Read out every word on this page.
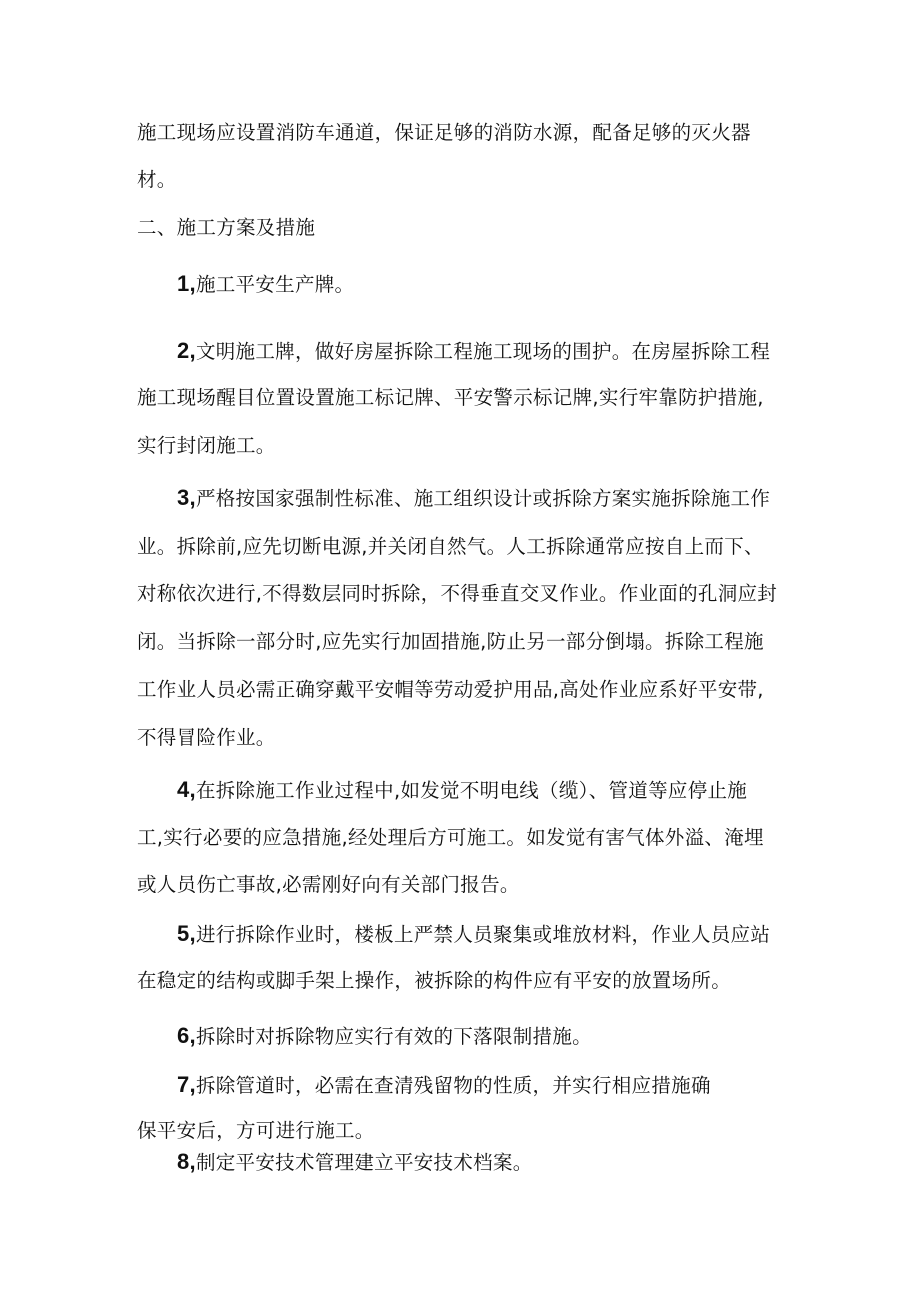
施工现场应设置消防车通道，保证足够的消防水源，配备足够的灭火器
材。
二、施工方案及措施
1,施工平安生产牌。
2,文明施工牌，做好房屋拆除工程施工现场的围护。在房屋拆除工程
施工现场醒目位置设置施工标记牌、平安警示标记牌,实行牢靠防护措施,
实行封闭施工。
3,严格按国家强制性标准、施工组织设计或拆除方案实施拆除施工作
业。拆除前,应先切断电源,并关闭自然气。人工拆除通常应按自上而下、
对称依次进行,不得数层同时拆除，不得垂直交叉作业。作业面的孔洞应封
闭。当拆除一部分时,应先实行加固措施,防止另一部分倒塌。拆除工程施
工作业人员必需正确穿戴平安帽等劳动爱护用品,高处作业应系好平安带,
不得冒险作业。
4,在拆除施工作业过程中,如发觉不明电线（缆）、管道等应停止施
工,实行必要的应急措施,经处理后方可施工。如发觉有害气体外溢、淹埋
或人员伤亡事故,必需刚好向有关部门报告。
5,进行拆除作业时，楼板上严禁人员聚集或堆放材料，作业人员应站
在稳定的结构或脚手架上操作，被拆除的构件应有平安的放置场所。
6,拆除时对拆除物应实行有效的下落限制措施。
7,拆除管道时，必需在查清残留物的性质，并实行相应措施确
保平安后，方可进行施工。
8,制定平安技术管理建立平安技术档案。
